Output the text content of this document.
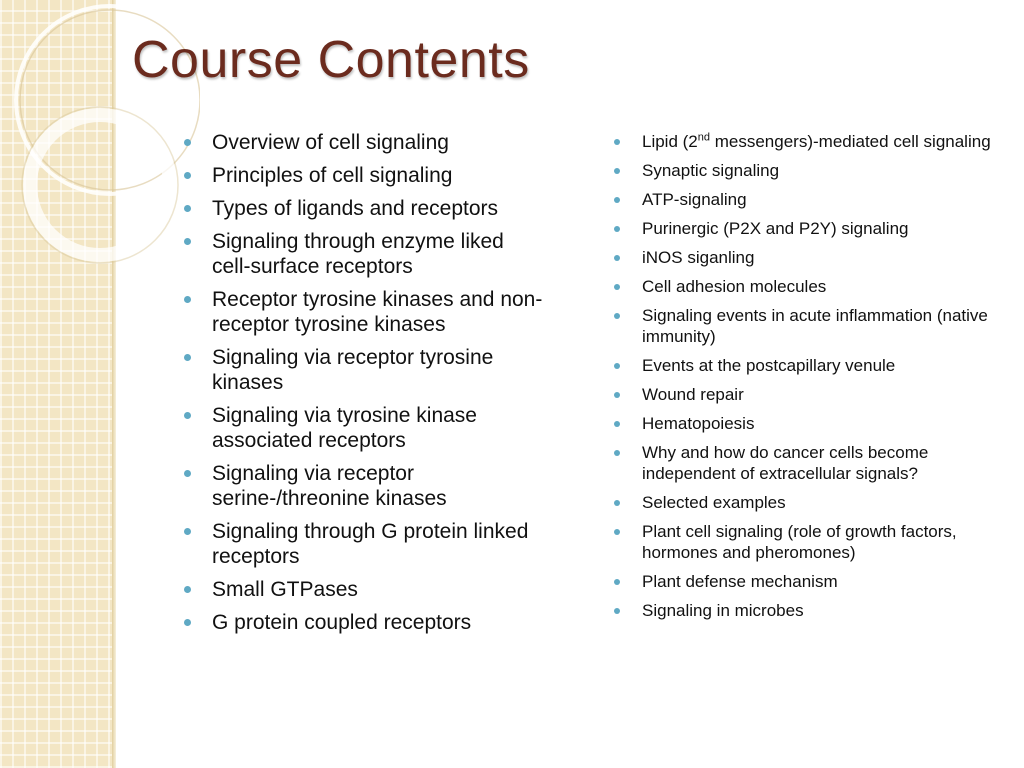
Course Contents
Overview of cell signaling
Principles of cell signaling
Types of ligands and receptors
Signaling through enzyme liked cell-surface receptors
Receptor tyrosine kinases and non-receptor tyrosine kinases
Signaling via receptor tyrosine kinases
Signaling via tyrosine kinase associated receptors
Signaling via receptor serine-/threonine kinases
Signaling through G protein linked receptors
Small GTPases
G protein coupled receptors
Lipid (2nd messengers)-mediated cell signaling
Synaptic signaling
ATP-signaling
Purinergic (P2X and P2Y) signaling
iNOS siganling
Cell adhesion molecules
Signaling events in acute inflammation (native immunity)
Events at the postcapillary venule
Wound repair
Hematopoiesis
Why and how do cancer cells become independent of extracellular signals?
Selected examples
Plant cell signaling (role of growth factors, hormones and pheromones)
Plant defense mechanism
Signaling in microbes
